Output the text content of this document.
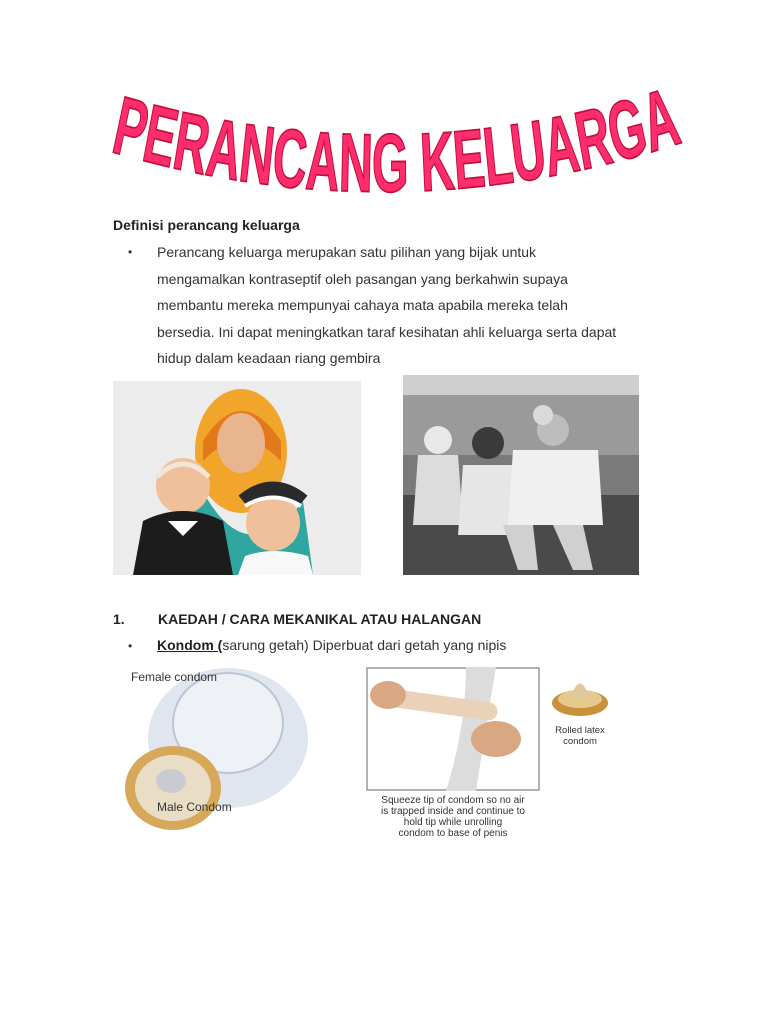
PERANCANG KELUARGA
Definisi perancang keluarga
•	Perancang keluarga merupakan satu pilihan yang bijak untuk
mengamalkan kontraseptif oleh pasangan yang berkahwin supaya
membantu mereka mempunyai cahaya mata apabila mereka telah
bersedia. Ini dapat meningkatkan taraf kesihatan ahli keluarga serta dapat
hidup dalam keadaan riang gembira
1.	KAEDAH / CARA MEKANIKAL ATAU HALANGAN
•	Kondom ( sarung getah) Diperbuat dari getah yang nipis
Female condom
Male Condom	Squeeze tip of condom so no air
is trapped inside and continue to
hold tip while unrolling
condom to base of penis
Rolled latex
condom
